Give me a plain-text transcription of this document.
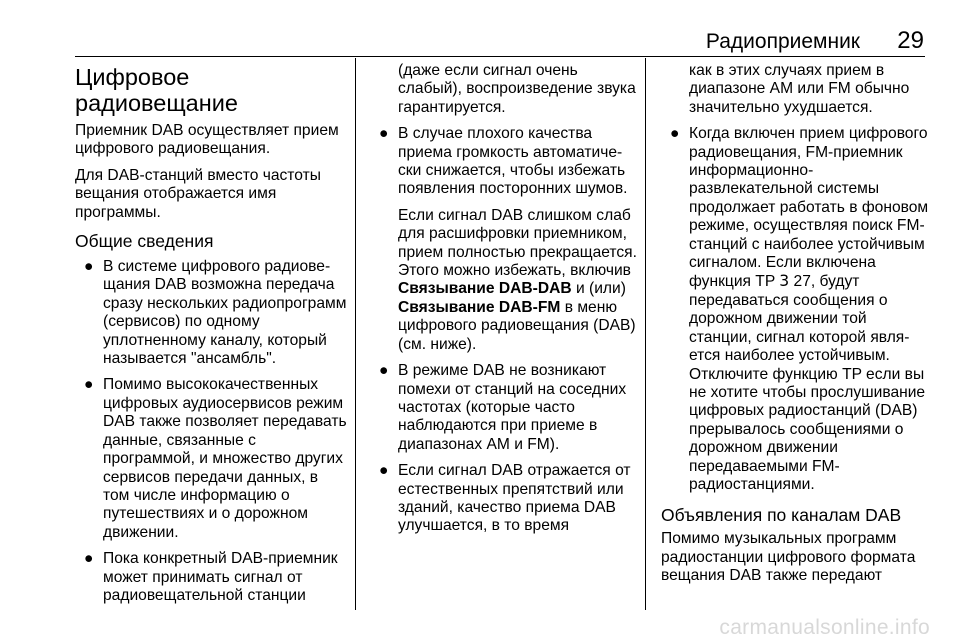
Радиоприемник 29
Цифровое радиовещание

Приемник DAB осуществляет прием цифрового радиовещания.

Для DAB-станций вместо частоты вещания отображается имя программы.

Общие сведения
● В системе цифрового радиовещания DAB возможна передача сразу нескольких радиопрограмм (сервисов) по одному уплотненному каналу, который называется "ансамбль".
● Помимо высококачественных цифровых аудиосервисов режим DAB также позволяет передавать данные, связанные с программой, и множество других сервисов передачи данных, в том числе информацию о путешествиях и о дорожном движении.
● Пока конкретный DAB-приемник может принимать сигнал от радиовещательной станции
(даже если сигнал очень слабый), воспроизведение звука гарантируется.
● В случае плохого качества приема громкость автоматически снижается, чтобы избежать появления посторонних шумов.
Если сигнал DAB слишком слаб для расшифровки приемником, прием полностью прекращается. Этого можно избежать, включив Связывание DAB-DAB и (или) Связывание DAB-FM в меню цифрового радиовещания (DAB) (см. ниже).
● В режиме DAB не возникают помехи от станций на соседних частотах (которые часто наблюдаются при приеме в диапазонах AM и FM).
● Если сигнал DAB отражается от естественных препятствий или зданий, качество приема DAB улучшается, в то время
как в этих случаях прием в диапазоне AM или FM обычно значительно ухудшается.
● Когда включен прием цифрового радиовещания, FM-приемник информационно-развлекательной системы продолжает работать в фоновом режиме, осуществляя поиск FM-станций с наиболее устойчивым сигналом. Если включена функция TP 3 27, будут передаваться сообщения о дорожном движении той станции, сигнал которой является наиболее устойчивым. Отключите функцию TP если вы не хотите чтобы прослушивание цифровых радиостанций (DAB) прерывалось сообщениями о дорожном движении передаваемыми FM-радиостанциями.
Объявления по каналам DAB

Помимо музыкальных программ радиостанции цифрового формата вещания DAB также передают

carmanualsonline.info
